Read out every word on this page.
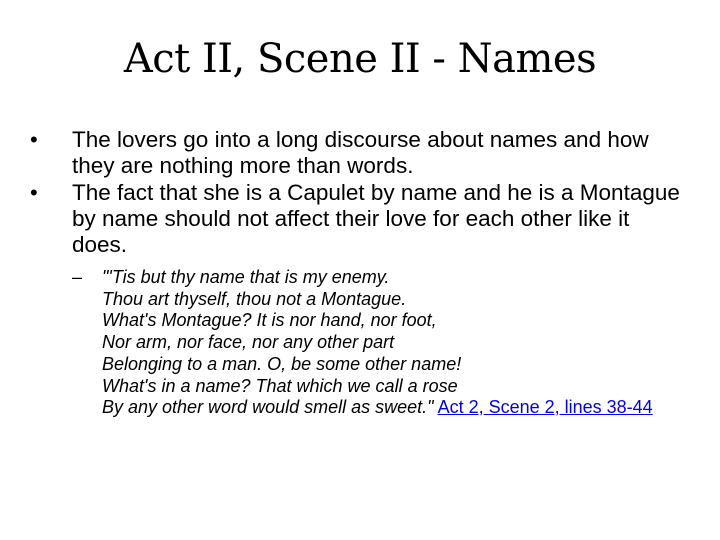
Act II, Scene II - Names
•	The lovers go into a long discourse about names and how they are nothing more than words.
•	The fact that she is a Capulet by name and he is a Montague by name should not affect their love for each other like it does.
– "'Tis but thy name that is my enemy.
Thou art thyself, thou not a Montague.
What's Montague? It is nor hand, nor foot,
Nor arm, nor face, nor any other part
Belonging to a man. O, be some other name!
What's in a name? That which we call a rose
By any other word would smell as sweet." Act 2, Scene 2, lines 38-44
